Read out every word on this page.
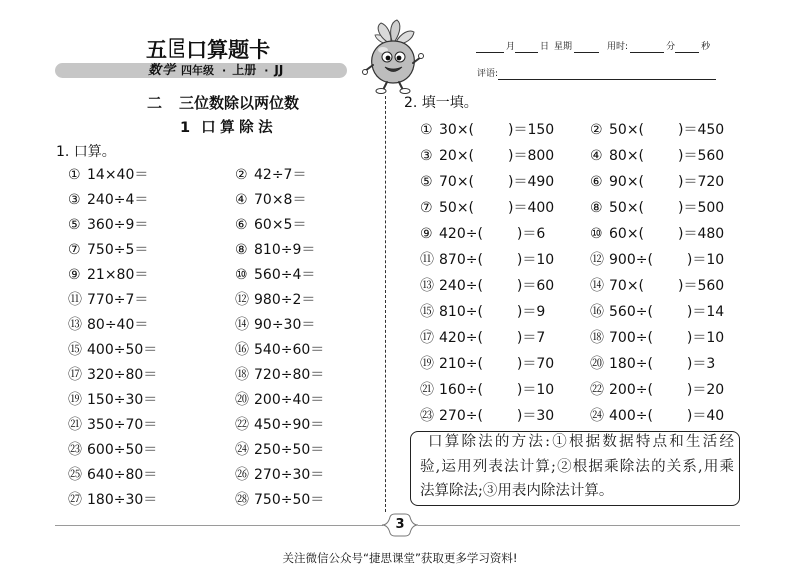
五E口算题卡
数学 四年级 · 上册 · JJ
月	日 星期	用时:	分	秒
评语:
二 三位数除以两位数
1 口算除法
1. 口算。
2. 填一填。
① 14×40＝	② 42÷7＝
③ 240÷4＝	④ 70×8＝
⑤ 360÷9＝	⑥ 60×5＝
⑦ 750÷5＝	⑧ 810÷9＝
⑨ 21×80＝	⑩ 560÷4＝
⑪ 770÷7＝	⑫ 980÷2＝
⑬ 80÷40＝	⑭ 90÷30＝
⑮ 400÷50＝	⑯ 540÷60＝
⑰ 320÷80＝	⑱ 720÷80＝
⑲ 150÷30＝	⑳ 200÷40＝
㉑ 350÷70＝	㉒ 450÷90＝
㉓ 600÷50＝	㉔ 250÷50＝
㉕ 640÷80＝	㉖ 270÷30＝
㉗ 180÷30＝	㉘ 750÷50＝
① 30×( )＝150	② 50×( )＝450
③ 20×( )＝800	④ 80×( )＝560
⑤ 70×( )＝490	⑥ 90×( )＝720
⑦ 50×( )＝400	⑧ 50×( )＝500
⑨ 420÷( )＝6	⑩ 60×( )＝480
⑪ 870÷( )＝10	⑫ 900÷( )＝10
⑬ 240÷( )＝60	⑭ 70×( )＝560
⑮ 810÷( )＝9	⑯ 560÷( )＝14
⑰ 420÷( )＝7	⑱ 700÷( )＝10
⑲ 210÷( )＝70	⑳ 180÷( )＝3
㉑ 160÷( )＝10	㉒ 200÷( )＝20
㉓ 270÷( )＝30	㉔ 400÷( )＝40
口算除法的方法:①根据数据特点和生活经
验,运用列表法计算;②根据乘除法的关系,用乘
法算除法;③用表内除法计算。
3
关注微信公众号“捷思课堂”获取更多学习资料!
